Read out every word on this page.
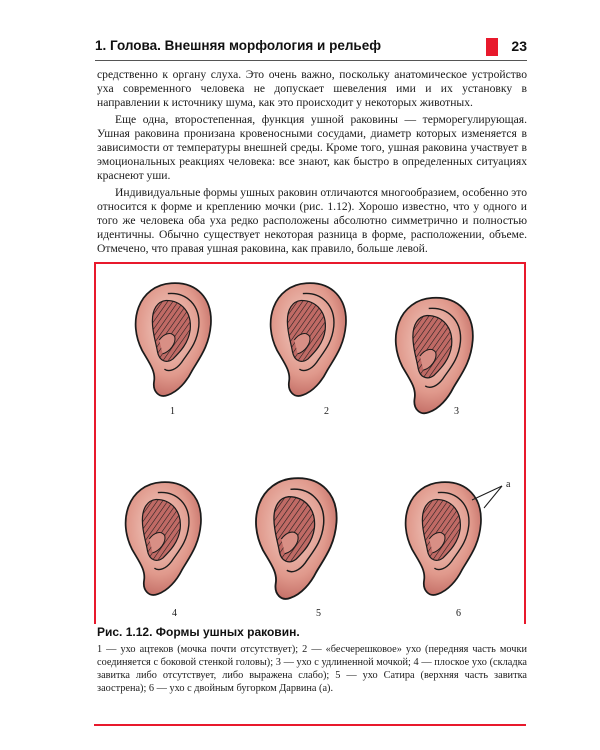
1. Голова. Внешняя морфология и рельеф	23

средственно к органу слуха. Это очень важно, поскольку анатомическое устройство уха современного человека не допускает шевеления ими и их установку в направлении к источнику шума, как это происходит у некоторых животных.

Еще одна, второстепенная, функция ушной раковины — терморегулирующая. Ушная раковина пронизана кровеносными сосудами, диаметр которых изменяется в зависимости от температуры внешней среды. Кроме того, ушная раковина участвует в эмоциональных реакциях человека: все знают, как быстро в определенных ситуациях краснеют уши.

Индивидуальные формы ушных раковин отличаются многообразием, особенно это относится к форме и креплению мочки (рис. 1.12). Хорошо известно, что у одного и того же человека оба уха редко расположены абсолютно симметрично и полностью идентичны. Обычно существует некоторая разница в форме, расположении, объеме. Отмечено, что правая ушная раковина, как правило, больше левой.

1	2	3
4	5	6
а
Рис. 1.12. Формы ушных раковин.
1 — ухо ацтеков (мочка почти отсутствует); 2 — «бесчерешковое» ухо (передняя часть мочки соединяется с боковой стенкой головы); 3 — ухо с удлиненной мочкой; 4 — плоское ухо (складка завитка либо отсутствует, либо выражена слабо); 5 — ухо Сатира (верхняя часть завитка заострена); 6 — ухо с двойным бугорком Дарвина (а).
